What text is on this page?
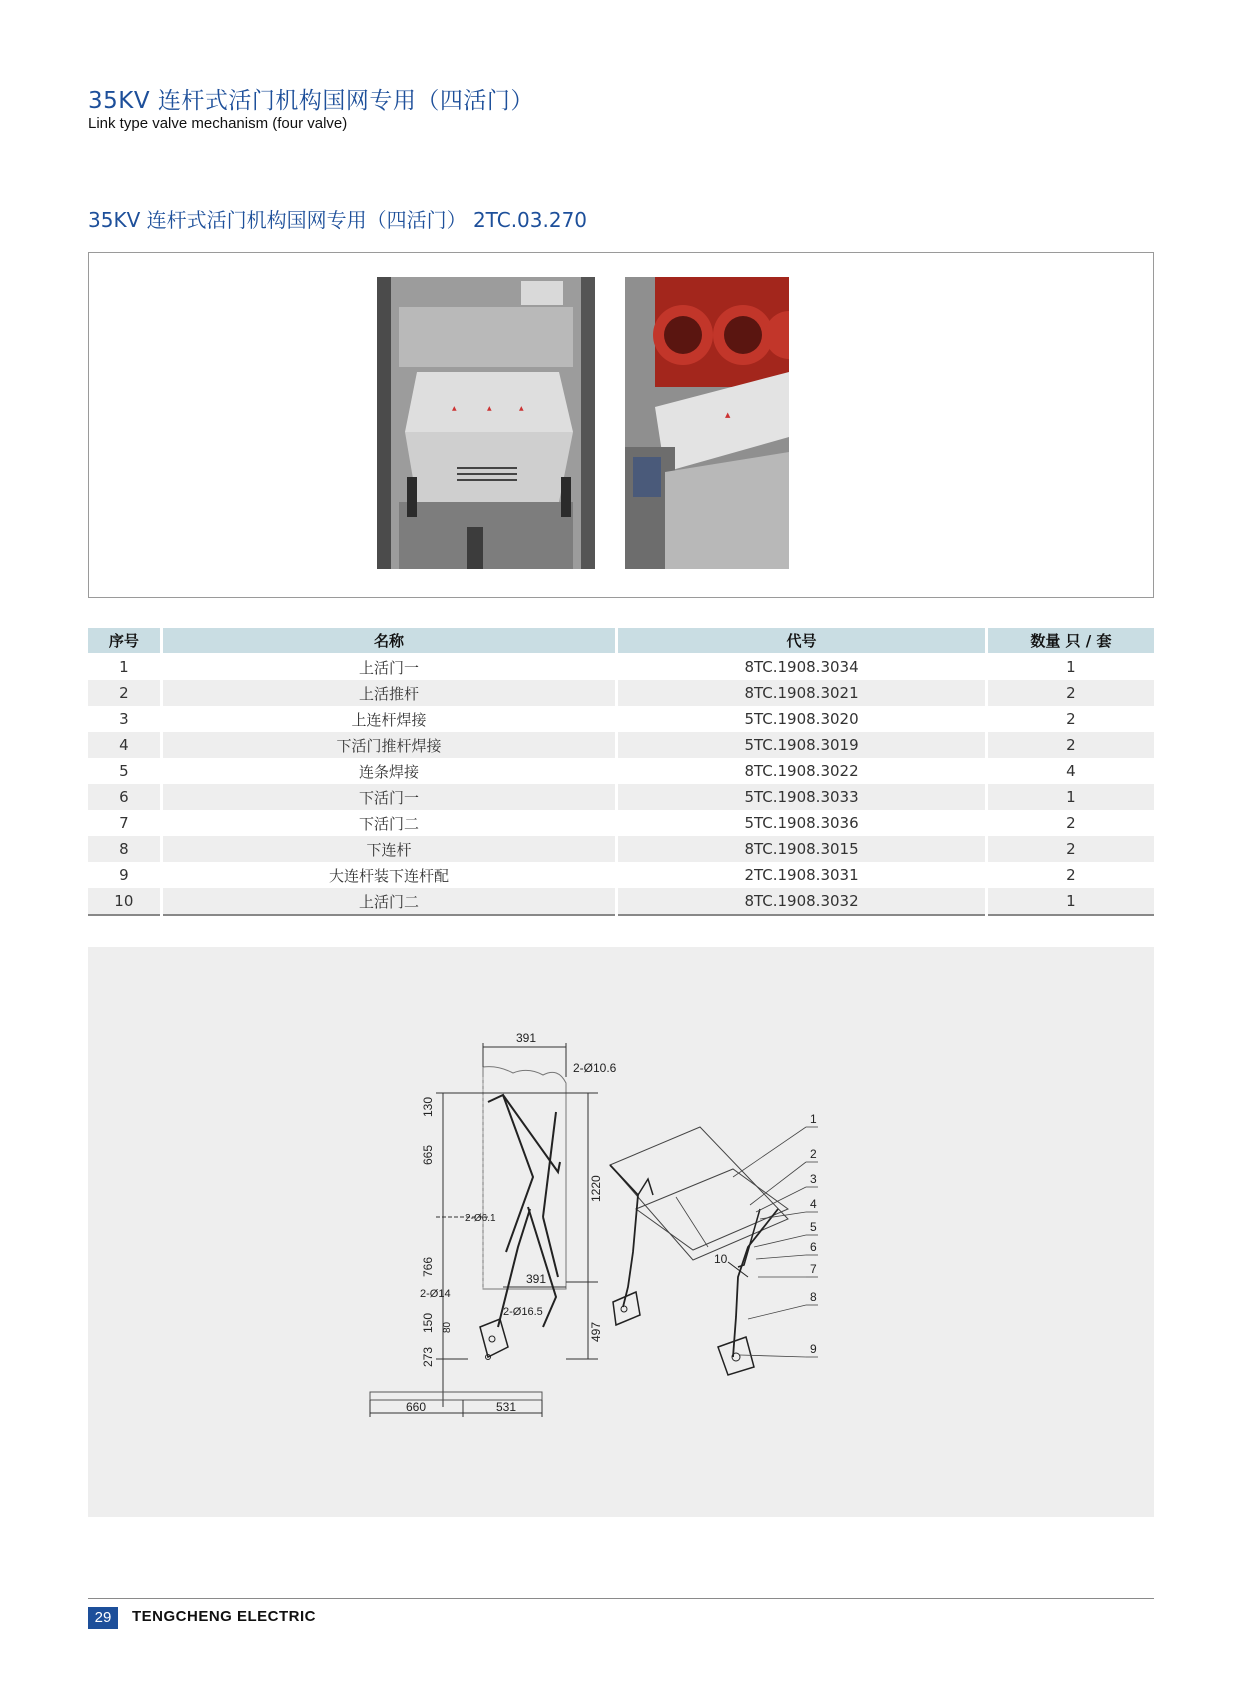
35KV 连杆式活门机构国网专用（四活门）
Link type valve mechanism (four valve)
35KV 连杆式活门机构国网专用（四活门） 2TC.03.270
▲	▲	▲
▲
序号	名称	代号	数量 只 / 套
1	上活门一	8TC.1908.3034	1
2	上活推杆	8TC.1908.3021	2
3	上连杆焊接	5TC.1908.3020	2
4	下活门推杆焊接	5TC.1908.3019	2
5	连条焊接	8TC.1908.3022	4
6	下活门一	5TC.1908.3033	1
7	下活门二	5TC.1908.3036	2
8	下连杆	8TC.1908.3015	2
9	大连杆装下连杆配	2TC.1908.3031	2
10	上活门二	8TC.1908.3032	1
391
2-Ø10.6
130
665
1220
2-Ø6.1
766
391
2-Ø14
2-Ø16.5
497
150 80
273
660	531
1
2
3
4
5
6
7
8
9
10
29	TENGCHENG ELECTRIC
